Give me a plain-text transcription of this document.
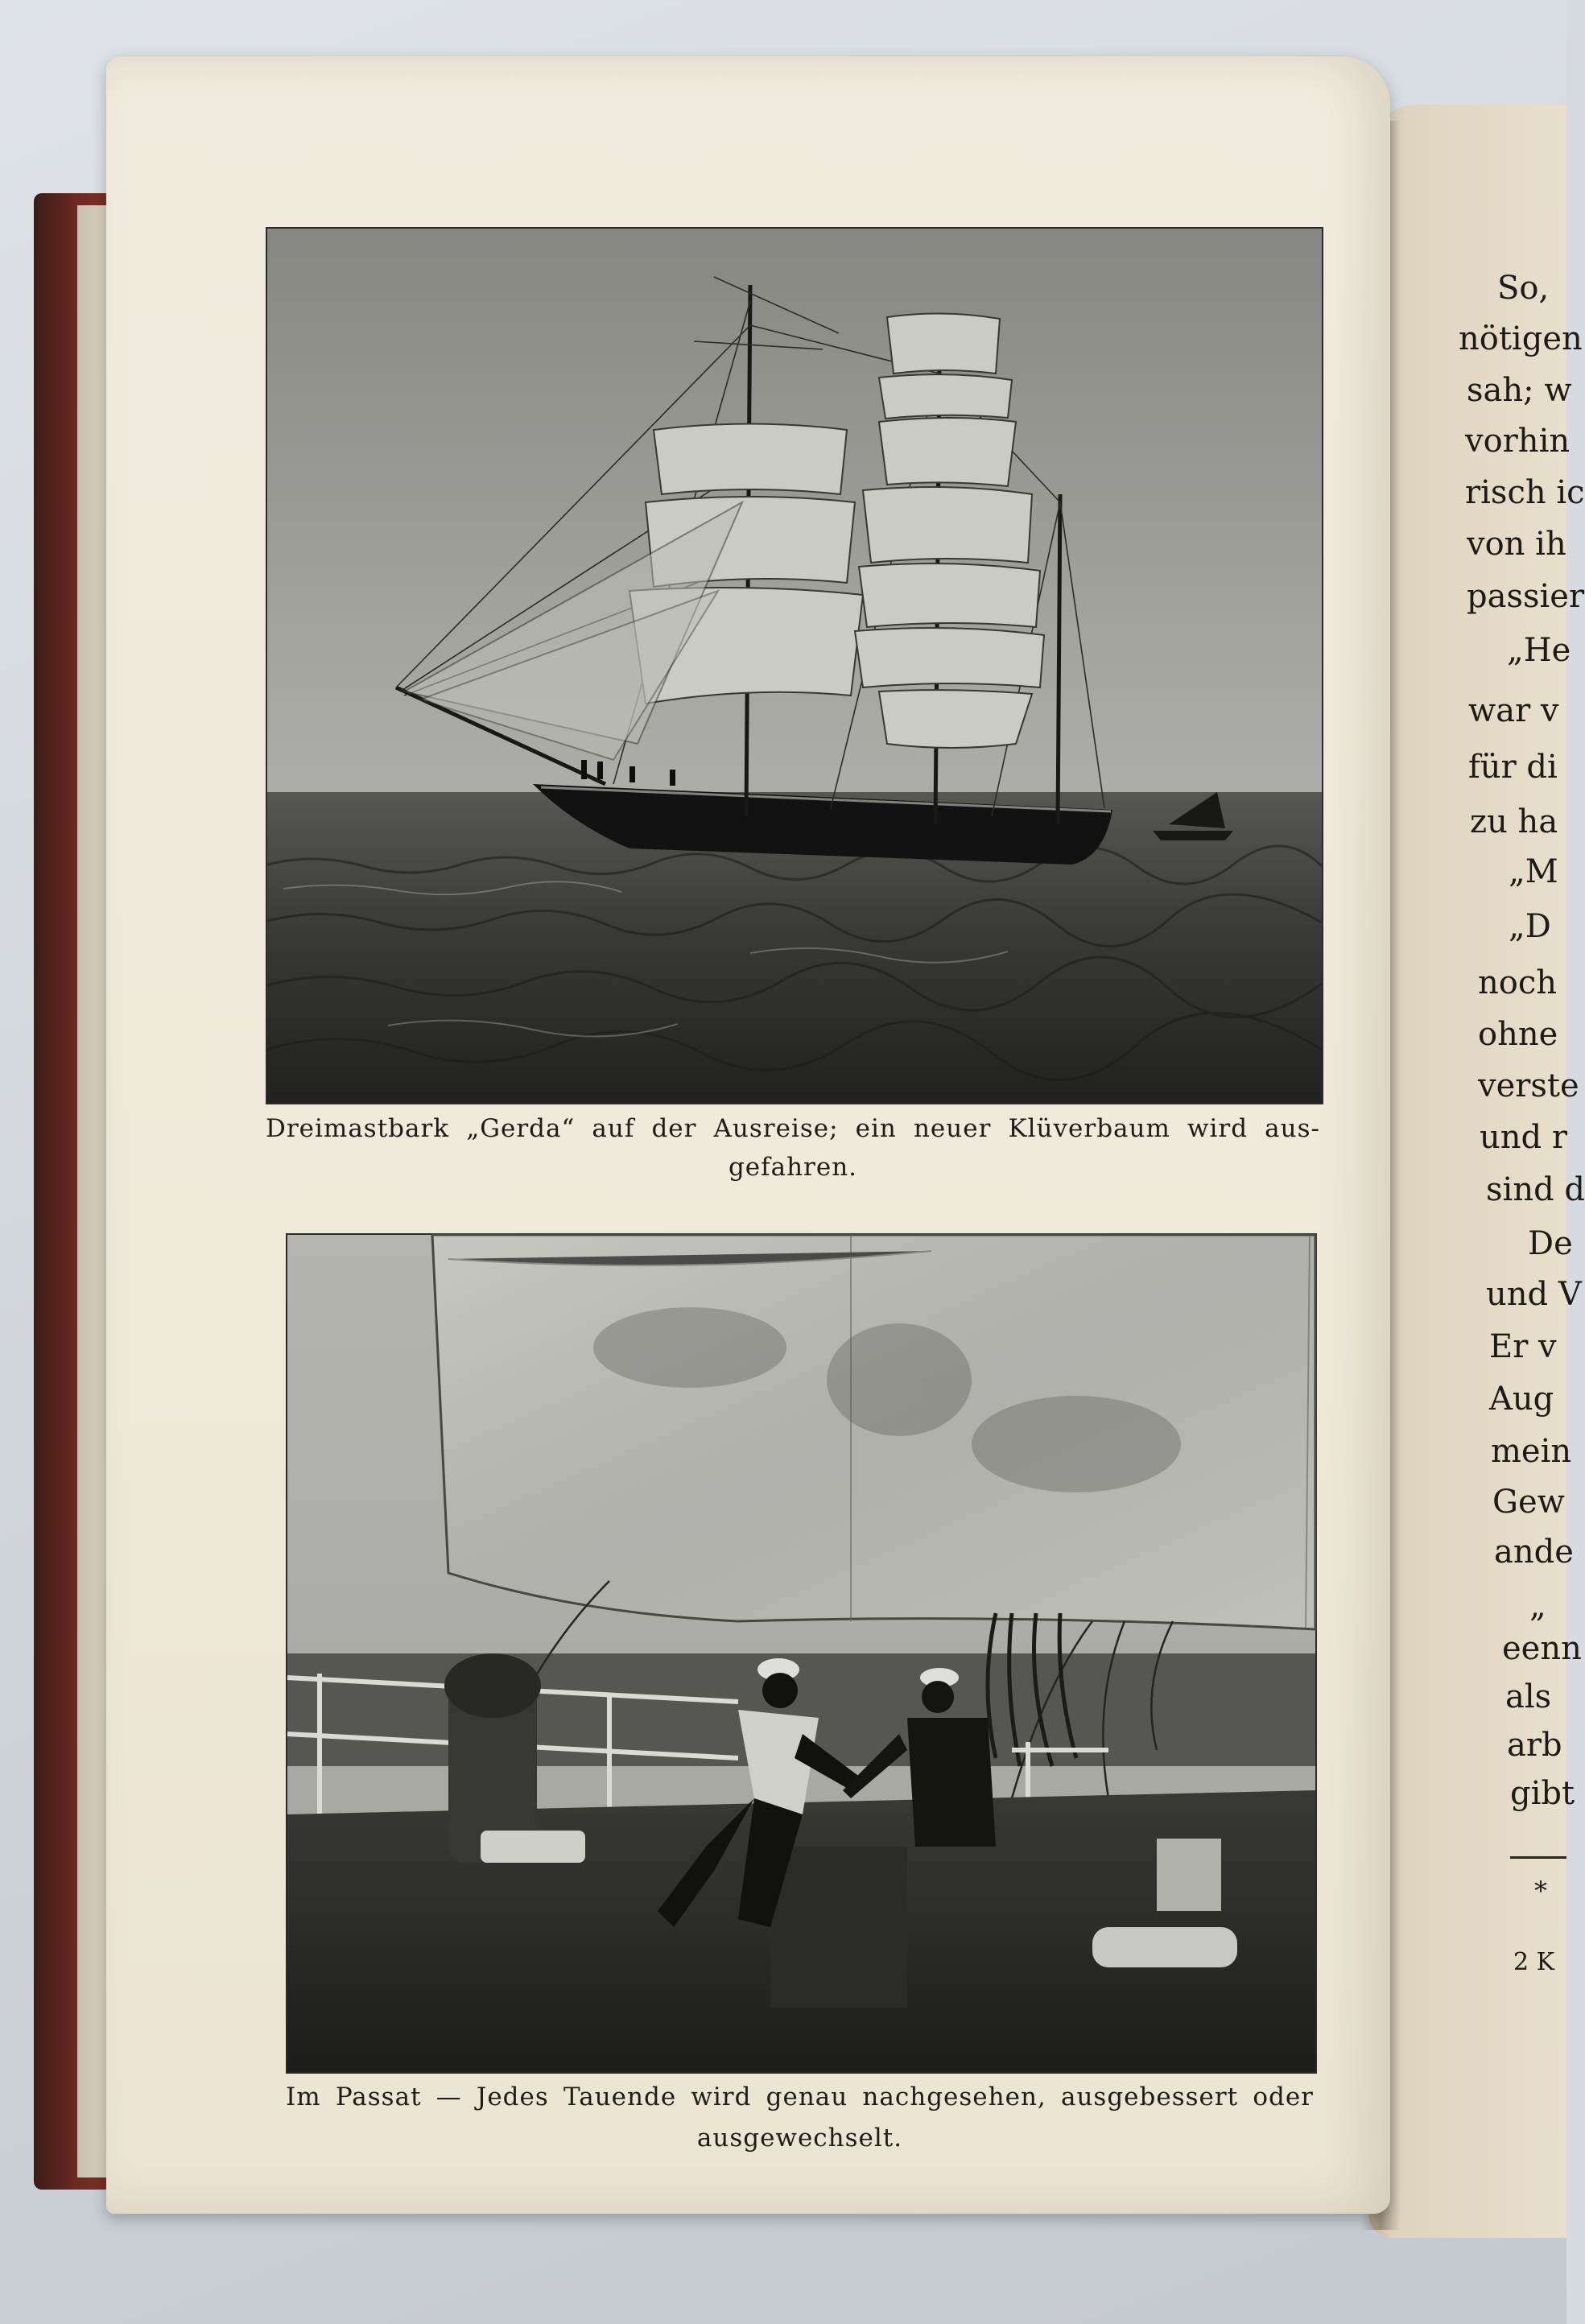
So,
nötigen
sah; w
vorhin
risch ic
von ih
passier
„He
war v
für di
zu ha
„M
„D
noch
ohne
verste
und r
sind d
De
und V
Er v
Aug
mein
Gew
ande
„
eenn
als
arb
gibt
*
2 K
Dreimastbark „Gerda“ auf der Ausreise; ein neuer Klüverbaum wird aus-
gefahren.
Im Passat — Jedes Tauende wird genau nachgesehen, ausgebessert oder
ausgewechselt.
